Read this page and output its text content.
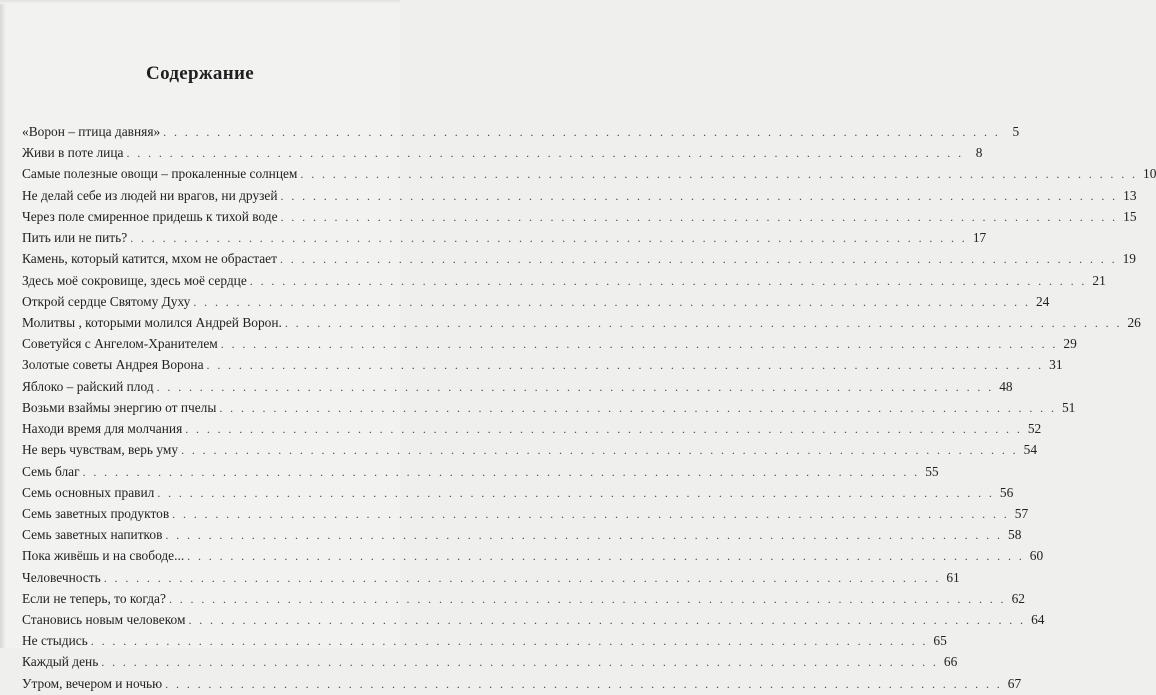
Содержание
«Ворон – птица давняя» . . .	5
Живи в поте лица . . .	8
Самые полезные овощи – прокаленные солнцем . . .	10
Не делай себе из людей ни врагов, ни друзей . . .	13
Через поле смиренное придешь к тихой воде . . .	15
Пить или не пить? . . .	17
Камень, который катится, мхом не обрастает . . .	19
Здесь моё сокровище, здесь моё сердце . . .	21
Открой сердце Святому Духу . . .	24
Молитвы , которыми молился Андрей Ворон. . . .	26
Советуйся с Ангелом-Хранителем . . .	29
Золотые советы Андрея Ворона . . .	31
Яблоко – райский плод . . .	48
Возьми взаймы энергию от пчелы . . .	51
Находи время для молчания . . .	52
Не верь чувствам, верь уму . . .	54
Семь благ . . .	55
Семь основных правил . . .	56
Семь заветных продуктов . . .	57
Семь заветных напитков . . .	58
Пока живёшь и на свободе... . . .	60
Человечность . . .	61
Если не теперь, то когда? . . .	62
Становись новым человеком . . .	64
Не стыдись . . .	65
Каждый день . . .	66
Утром, вечером и ночью . . .	67
